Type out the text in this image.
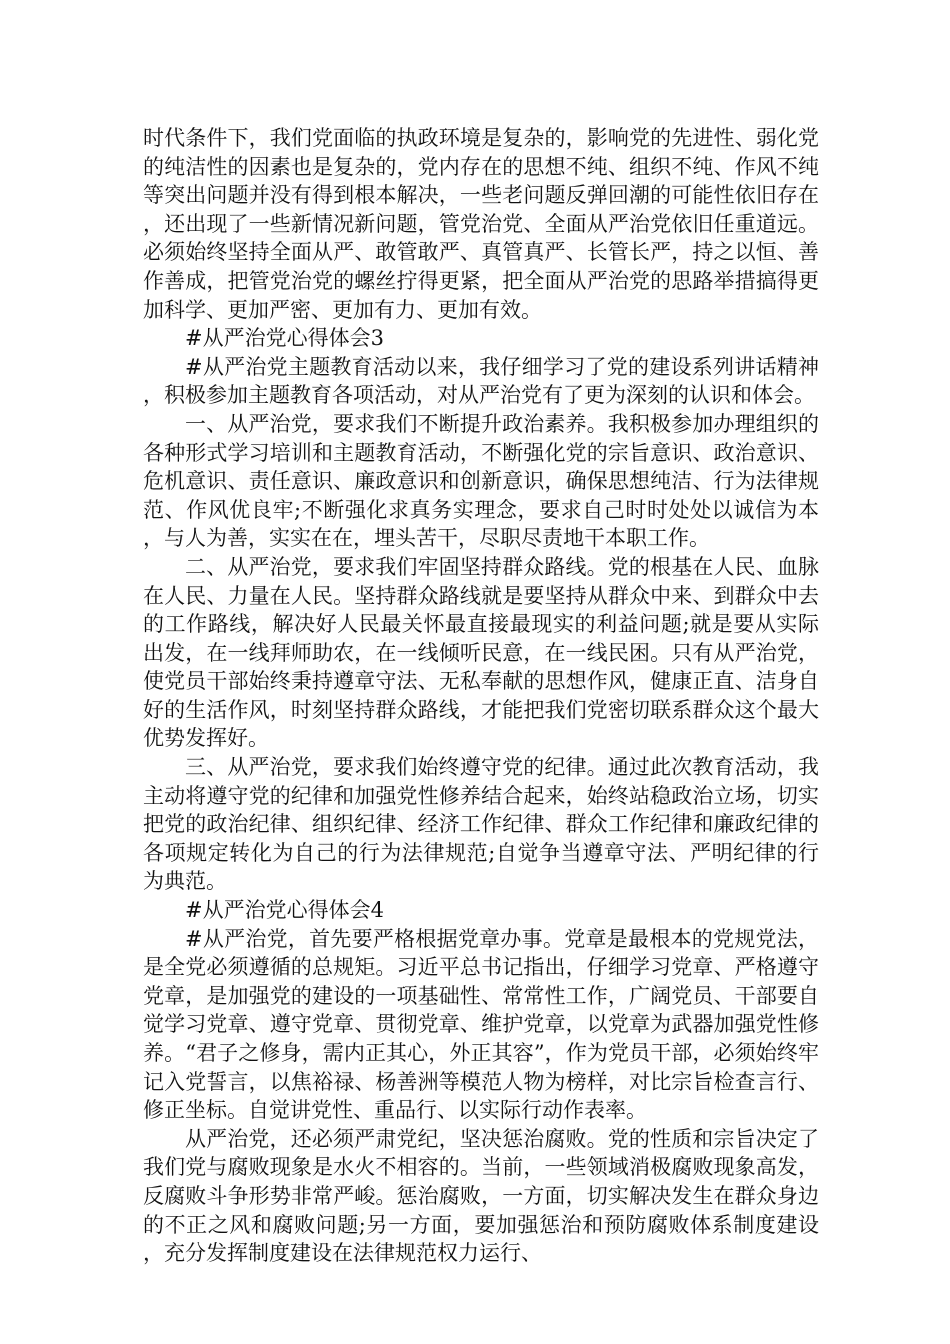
时代条件下，我们党面临的执政环境是复杂的，影响党的先进性、弱化党的纯洁性的因素也是复杂的，党内存在的思想不纯、组织不纯、作风不纯等突出问题并没有得到根本解决，一些老问题反弹回潮的可能性依旧存在，还出现了一些新情况新问题，管党治党、全面从严治党依旧任重道远。必须始终坚持全面从严、敢管敢严、真管真严、长管长严，持之以恒、善作善成，把管党治党的螺丝拧得更紧，把全面从严治党的思路举措搞得更加科学、更加严密、更加有力、更加有效。

#从严治党心得体会3

#从严治党主题教育活动以来，我仔细学习了党的建设系列讲话精神，积极参加主题教育各项活动，对从严治党有了更为深刻的认识和体会。

一、从严治党，要求我们不断提升政治素养。我积极参加办理组织的各种形式学习培训和主题教育活动，不断强化党的宗旨意识、政治意识、危机意识、责任意识、廉政意识和创新意识，确保思想纯洁、行为法律规范、作风优良牢;不断强化求真务实理念，要求自己时时处处以诚信为本，与人为善，实实在在，埋头苦干，尽职尽责地干本职工作。

二、从严治党，要求我们牢固坚持群众路线。党的根基在人民、血脉在人民、力量在人民。坚持群众路线就是要坚持从群众中来、到群众中去的工作路线，解决好人民最关怀最直接最现实的利益问题;就是要从实际出发，在一线拜师助农，在一线倾听民意，在一线民困。只有从严治党，使党员干部始终秉持遵章守法、无私奉献的思想作风，健康正直、洁身自好的生活作风，时刻坚持群众路线，才能把我们党密切联系群众这个最大优势发挥好。

三、从严治党，要求我们始终遵守党的纪律。通过此次教育活动，我主动将遵守党的纪律和加强党性修养结合起来，始终站稳政治立场，切实把党的政治纪律、组织纪律、经济工作纪律、群众工作纪律和廉政纪律的各项规定转化为自己的行为法律规范;自觉争当遵章守法、严明纪律的行为典范。

#从严治党心得体会4

#从严治党，首先要严格根据党章办事。党章是最根本的党规党法，是全党必须遵循的总规矩。习近平总书记指出，仔细学习党章、严格遵守党章，是加强党的建设的一项基础性、常常性工作，广阔党员、干部要自觉学习党章、遵守党章、贯彻党章、维护党章，以党章为武器加强党性修养。“君子之修身，需内正其心，外正其容”，作为党员干部，必须始终牢记入党誓言，以焦裕禄、杨善洲等模范人物为榜样，对比宗旨检查言行、修正坐标。自觉讲党性、重品行、以实际行动作表率。

从严治党，还必须严肃党纪，坚决惩治腐败。党的性质和宗旨决定了我们党与腐败现象是水火不相容的。当前，一些领域消极腐败现象高发，反腐败斗争形势非常严峻。惩治腐败，一方面，切实解决发生在群众身边的不正之风和腐败问题;另一方面，要加强惩治和预防腐败体系制度建设，充分发挥制度建设在法律规范权力运行、
